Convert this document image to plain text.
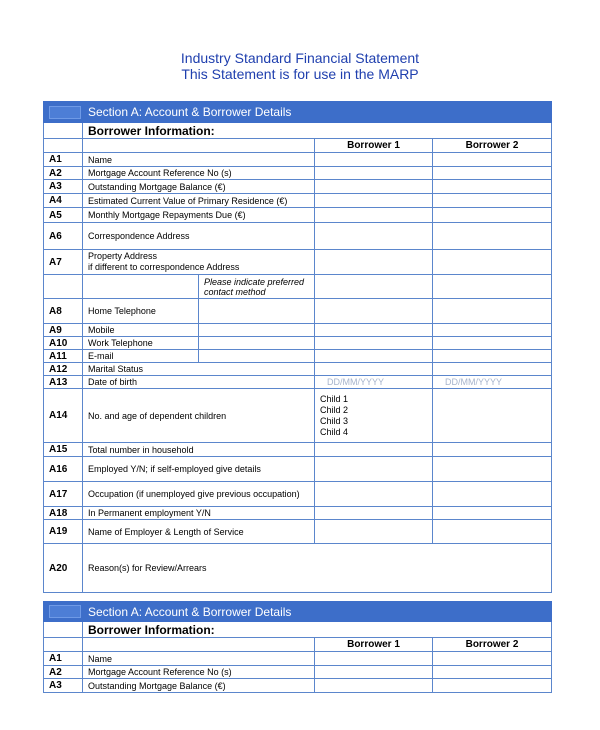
Industry Standard Financial Statement
This Statement is for use in the MARP
	Section A: Account & Borrower Details			
	Borrower Information:			
			Borrower 1	Borrower 2
A1	Name			
A2	Mortgage Account Reference No (s)			
A3	Outstanding Mortgage Balance (€)			
A4	Estimated Current Value of Primary Residence (€)			
A5	Monthly Mortgage Repayments Due (€)			
A6	Correspondence Address			
A7	Property Address
if different to correspondence Address			

		Please indicate preferred contact method		
A8	Home Telephone			
A9	Mobile			
A10	Work Telephone			
A11	E-mail			
A12	Marital Status			
A13	Date of birth		DD/MM/YYYY	DD/MM/YYYY
A14	No. and age of dependent children		Child 1
Child 2
Child 3
Child 4	

A15	Total number in household			
A16	Employed Y/N; if self-employed give details			
A17	Occupation (if unemployed give previous occupation)			
A18	In Permanent employment Y/N			
A19	Name of Employer & Length of Service			
A20	Reason(s) for Review/Arrears			
	Section A: Account & Borrower Details		
	Borrower Information:		
		Borrower 1	Borrower 2
A1	Name		
A2	Mortgage Account Reference No (s)		
A3	Outstanding Mortgage Balance (€)		
